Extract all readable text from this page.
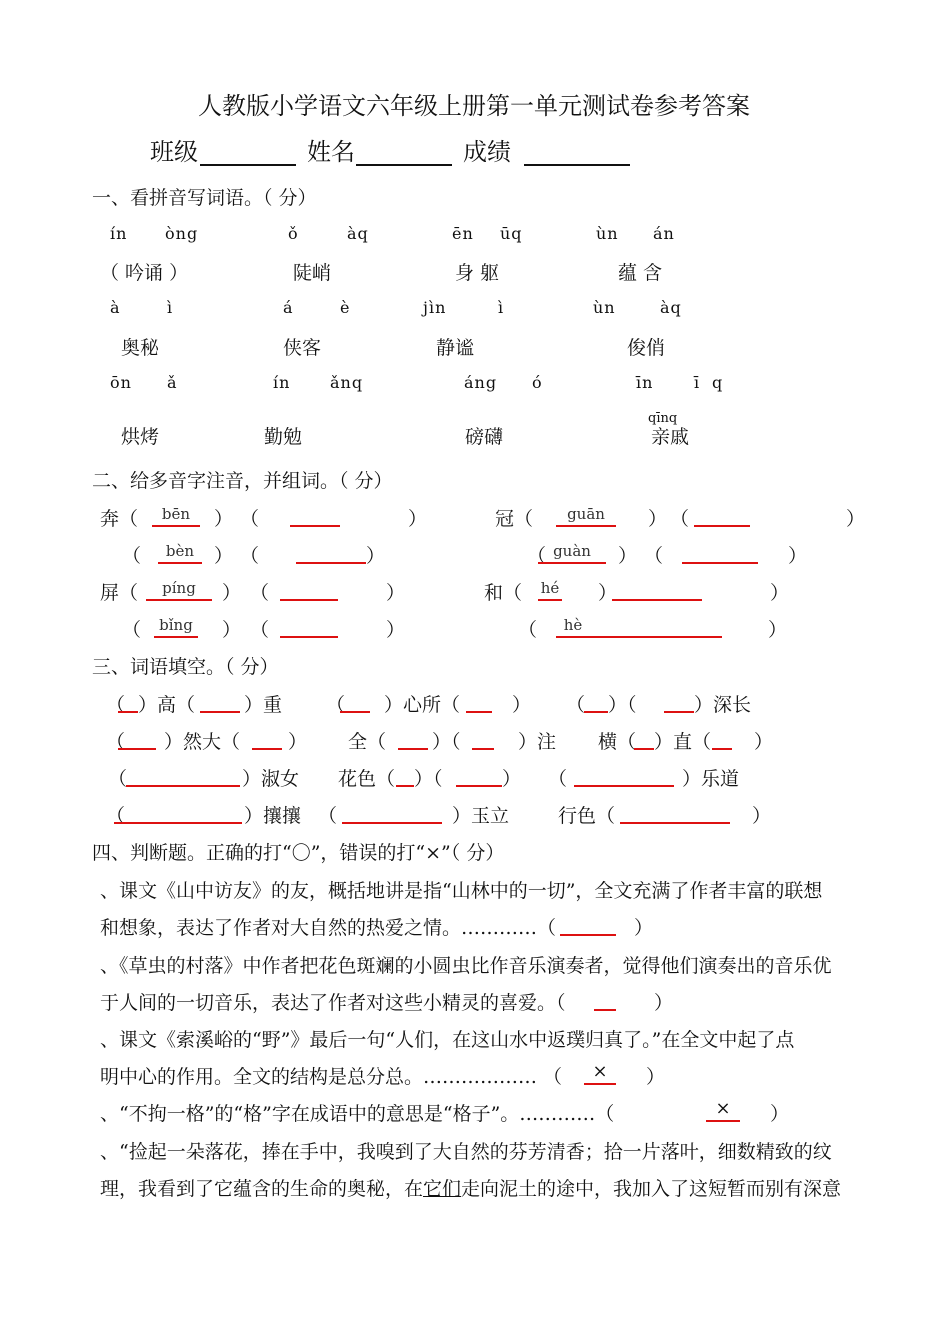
人教版小学语文六年级上册第一单元测试卷参考答案
班级	姓名	成绩
一、看拼音写词语。（ 分）
ín òng	ǒ	àq	ēn ūq	ùn án
（ 吟诵 ）	陡峭	身 躯	蕴 含
à	ì	á	è	jìn	ì	ùn	àq
奥秘	侠客	静谧	俊俏
ōn ǎ	ín ǎnq	áng ó	īn	ī q
qīnq
烘烤	勤勉	磅礴	亲戚
二、给多音字注音，并组词。（ 分）
奔（	bēn	） （	）	冠（	guān	） （	）
（	bèn	） （	）	（ guàn	） （	）
屏（	píng	） （	）	和（ hé ）	）
（	bǐng ） （	）	（	hè	）
三、词语填空。（ 分）
（ ）高（	）重 （ ）心所（	） （ ）（	）深长
（ ）然大（	） 全（ ）（	）注 横（ ）直（ ）
（	）淑女 花色（ ）（	） （	）乐道
（	）攘攘 （	）玉立	行色（	）
四、判断题。正确的打“〇”，错误的打“×”（ 分）
、课文《山中访友》的友，概括地讲是指“山林中的一切”，全文充满了作者丰富的联想
和想象，表达了作者对大自然的热爱之情。…………（	）
、《草虫的村落》中作者把花色斑斓的小圆虫比作音乐演奏者，觉得他们演奏出的音乐优
于人间的一切音乐，表达了作者对这些小精灵的喜爱。（	）
、课文《索溪峪的“野”》最后一句“人们，在这山水中返璞归真了。”在全文中起了点
明中心的作用。全文的结构是总分总。……………… （	×	）
、“不拘一格”的“格”字在成语中的意思是“格子”。…………（	×	）
、“捡起一朵落花，捧在手中，我嗅到了大自然的芬芳清香；拾一片落叶，细数精致的纹
理，我看到了它蕴含的生命的奥秘，在它们走向泥土的途中，我加入了这短暂而别有深意
